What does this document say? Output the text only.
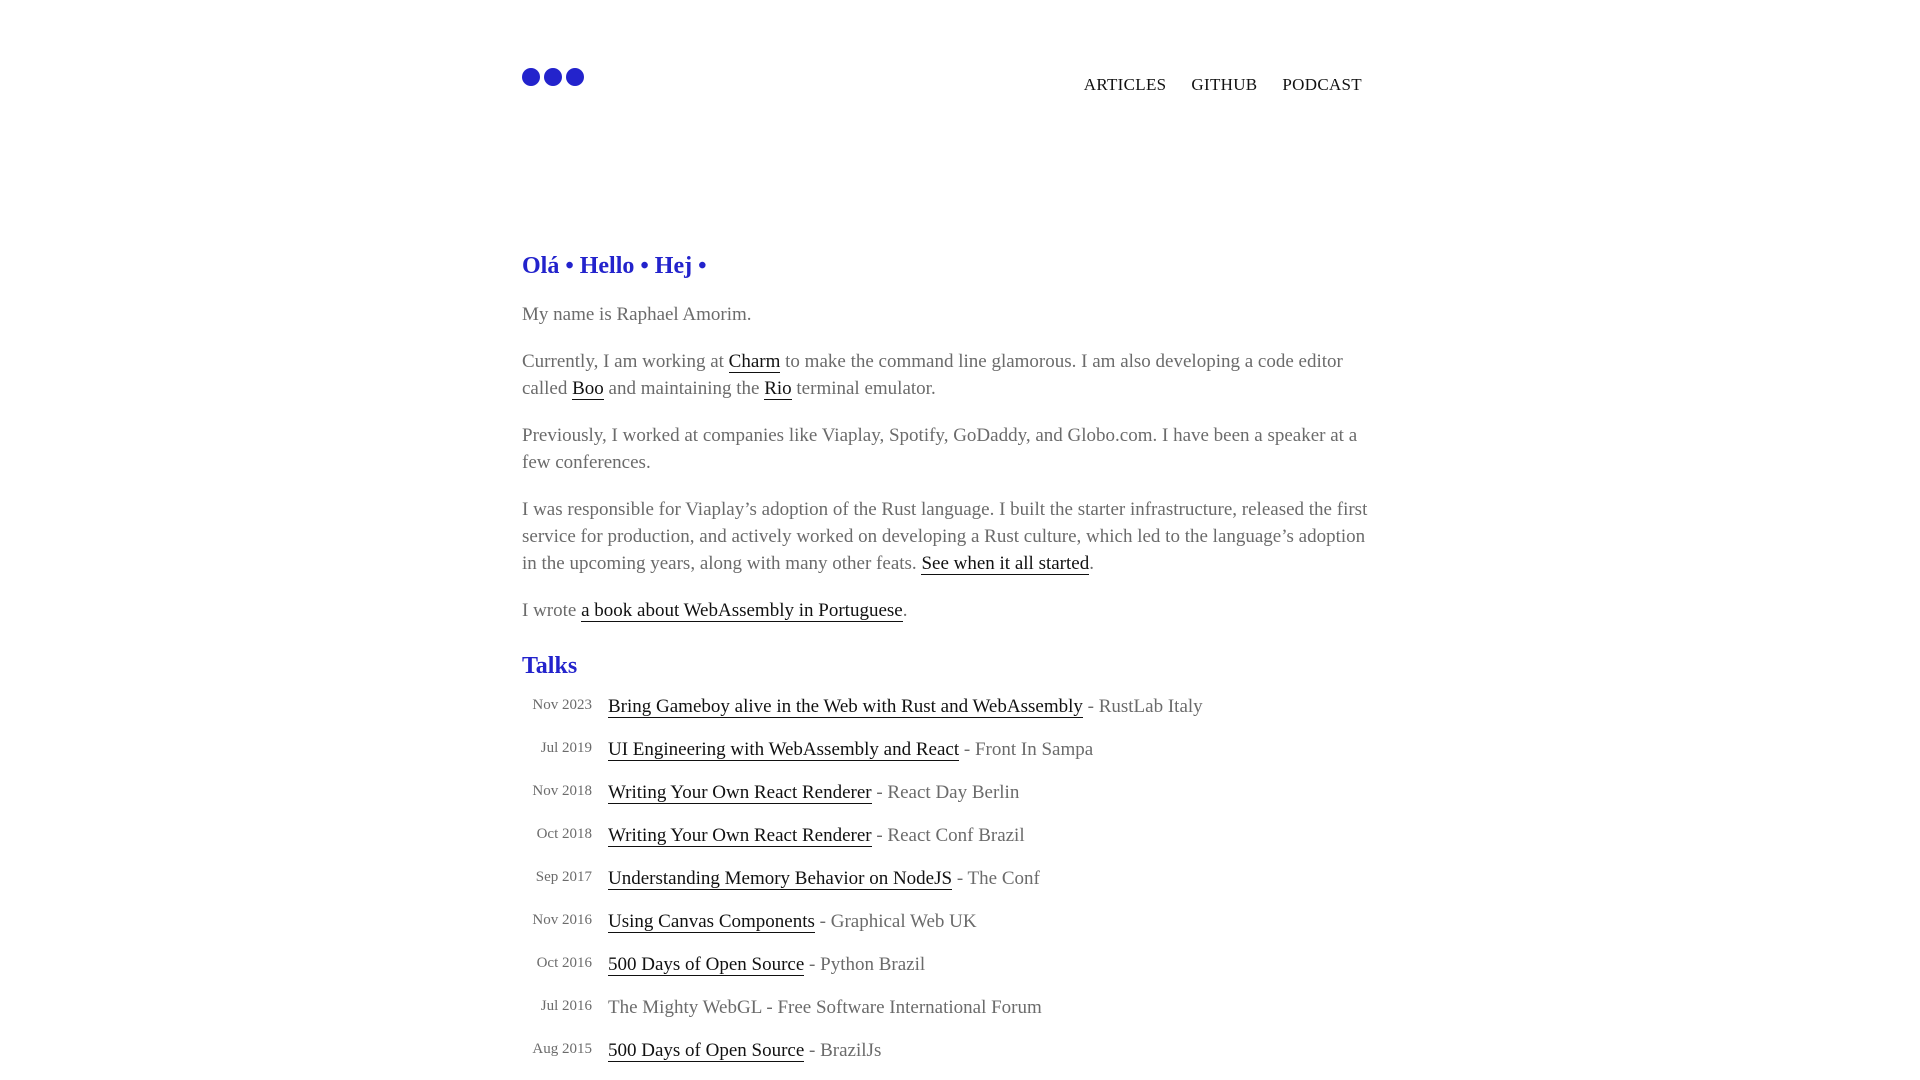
ARTICLES GITHUB PODCAST
Olá • Hello • Hej •

My name is Raphael Amorim.

Currently, I am working at Charm to make the command line glamorous. I am also developing a code editor called Boo and maintaining the Rio terminal emulator.

Previously, I worked at companies like Viaplay, Spotify, GoDaddy, and Globo.com. I have been a speaker at a few conferences.

I was responsible for Viaplay’s adoption of the Rust language. I built the starter infrastructure, released the first service for production, and actively worked on developing a Rust culture, which led to the language’s adoption in the upcoming years, along with many other feats. See when it all started.

I wrote a book about WebAssembly in Portuguese.

Talks
Nov 2023 Bring Gameboy alive in the Web with Rust and WebAssembly - RustLab Italy
Jul 2019 UI Engineering with WebAssembly and React - Front In Sampa
Nov 2018 Writing Your Own React Renderer - React Day Berlin
Oct 2018 Writing Your Own React Renderer - React Conf Brazil
Sep 2017 Understanding Memory Behavior on NodeJS - The Conf
Nov 2016 Using Canvas Components - Graphical Web UK
Oct 2016 500 Days of Open Source - Python Brazil
Jul 2016 The Mighty WebGL - Free Software International Forum
Aug 2015 500 Days of Open Source - BrazilJs
